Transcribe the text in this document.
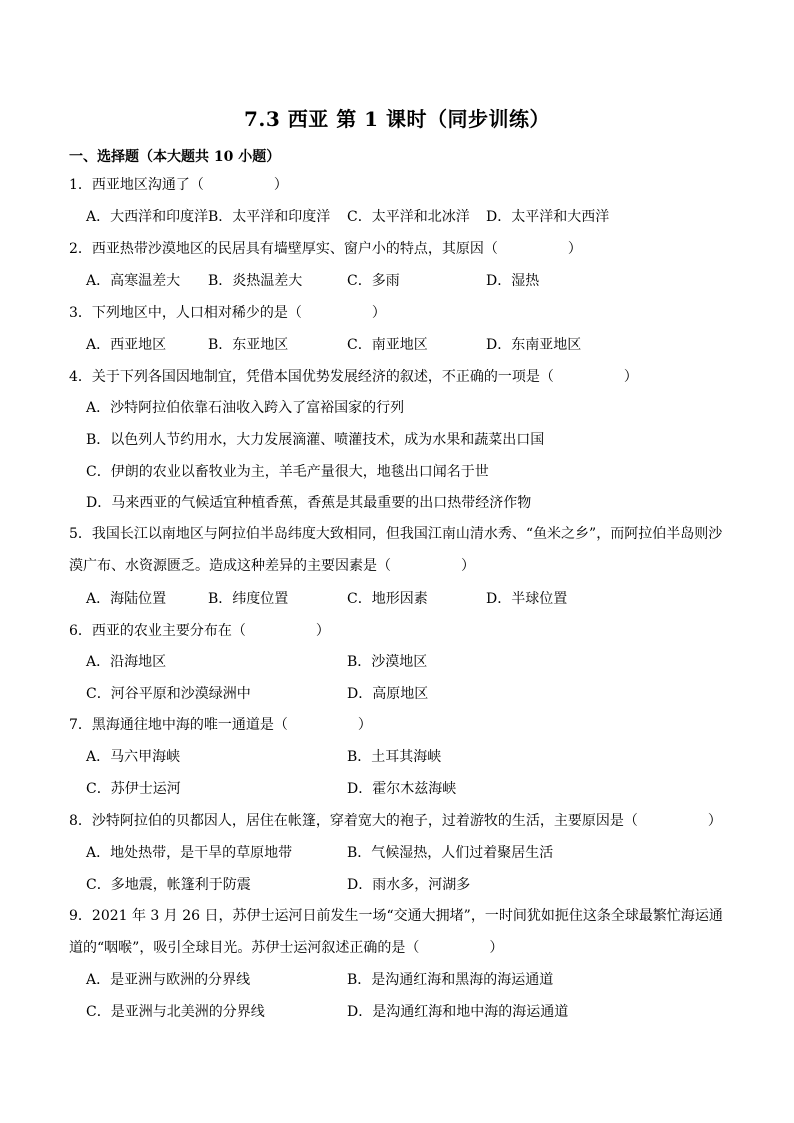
7.3 西亚 第 1 课时（同步训练）
一、选择题（本大题共 10 小题）
1．西亚地区沟通了（　　　　　）
A．大西洋和印度洋 B．太平洋和印度洋 C．太平洋和北冰洋 D．太平洋和大西洋
2．西亚热带沙漠地区的民居具有墙壁厚实、窗户小的特点，其原因（　　　　　）
A．高寒温差大 B．炎热温差大	C．多雨	D．湿热
3．下列地区中，人口相对稀少的是（　　　　　）
A．西亚地区	B．东亚地区	C．南亚地区	D．东南亚地区
4．关于下列各国因地制宜，凭借本国优势发展经济的叙述，不正确的一项是（　　　　　）
A．沙特阿拉伯依靠石油收入跨入了富裕国家的行列
B．以色列人节约用水，大力发展滴灌、喷灌技术，成为水果和蔬菜出口国
C．伊朗的农业以畜牧业为主，羊毛产量很大，地毯出口闻名于世
D．马来西亚的气候适宜种植香蕉，香蕉是其最重要的出口热带经济作物
5．我国长江以南地区与阿拉伯半岛纬度大致相同，但我国江南山清水秀、“鱼米之乡”，而阿拉伯半岛则沙漠广布、水资源匮乏。造成这种差异的主要因素是（　　　　　）
A．海陆位置	B．纬度位置	C．地形因素	D．半球位置
6．西亚的农业主要分布在（　　　　　）
A．沿海地区	B．沙漠地区
C．河谷平原和沙漠绿洲中	D．高原地区
7．黑海通往地中海的唯一通道是（　　　　　）
A．马六甲海峡	B．土耳其海峡
C．苏伊士运河	D．霍尔木兹海峡
8．沙特阿拉伯的贝都因人，居住在帐篷，穿着宽大的袍子，过着游牧的生活，主要原因是（　　　　　）
A．地处热带，是干旱的草原地带	B．气候湿热，人们过着聚居生活
C．多地震，帐篷利于防震	D．雨水多，河湖多
9．2021 年 3 月 26 日，苏伊士运河日前发生一场“交通大拥堵”，一时间犹如扼住这条全球最繁忙海运通道的“咽喉”，吸引全球目光。苏伊士运河叙述正确的是（　　　　　）
A．是亚洲与欧洲的分界线	B．是沟通红海和黑海的海运通道
C．是亚洲与北美洲的分界线	D．是沟通红海和地中海的海运通道
